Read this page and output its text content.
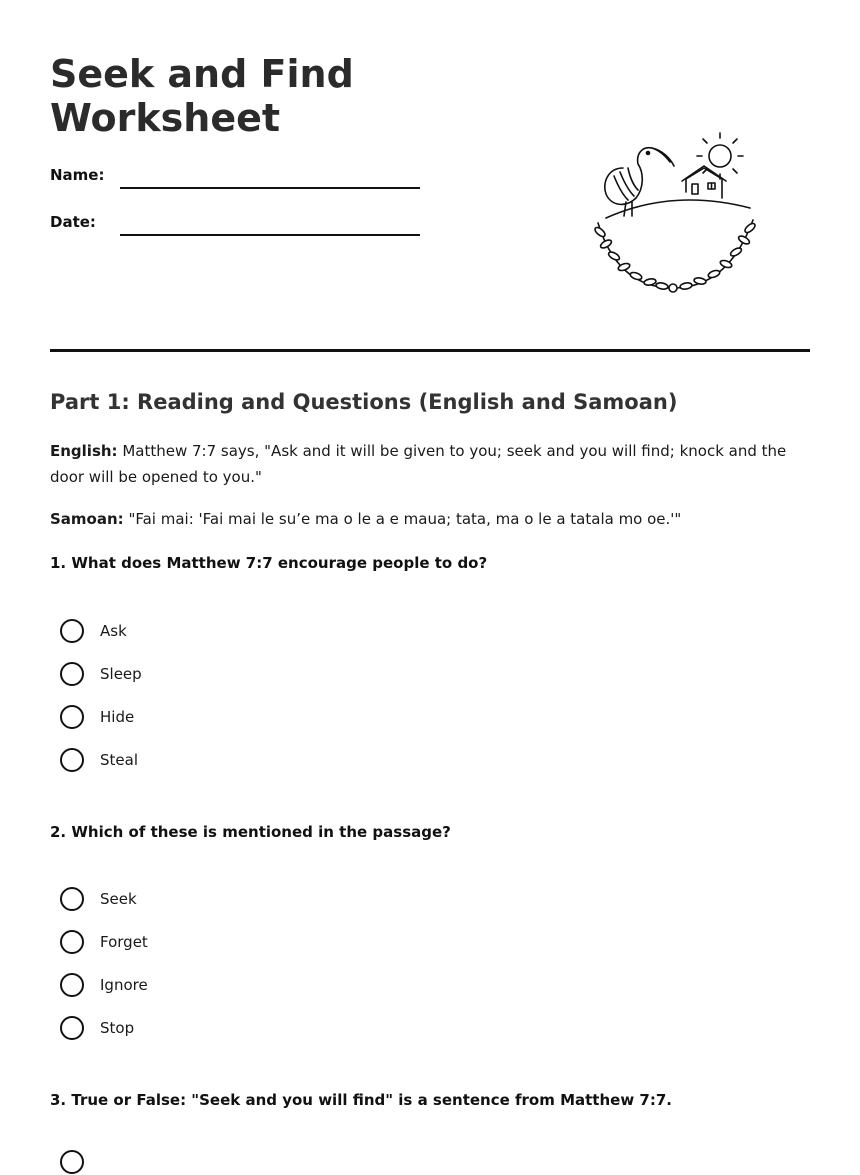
Seek and Find Worksheet
Name:
Date:
Part 1: Reading and Questions (English and Samoan)

English: Matthew 7:7 says, "Ask and it will be given to you; seek and you will find; knock and the door will be opened to you."

Samoan: "Fai mai: 'Fai mai le su’e ma o le a e maua; tata, ma o le a tatala mo oe.'"

1. What does Matthew 7:7 encourage people to do?
Ask
Sleep
Hide
Steal
2. Which of these is mentioned in the passage?
Seek
Forget
Ignore
Stop
3. True or False: "Seek and you will find" is a sentence from Matthew 7:7.
